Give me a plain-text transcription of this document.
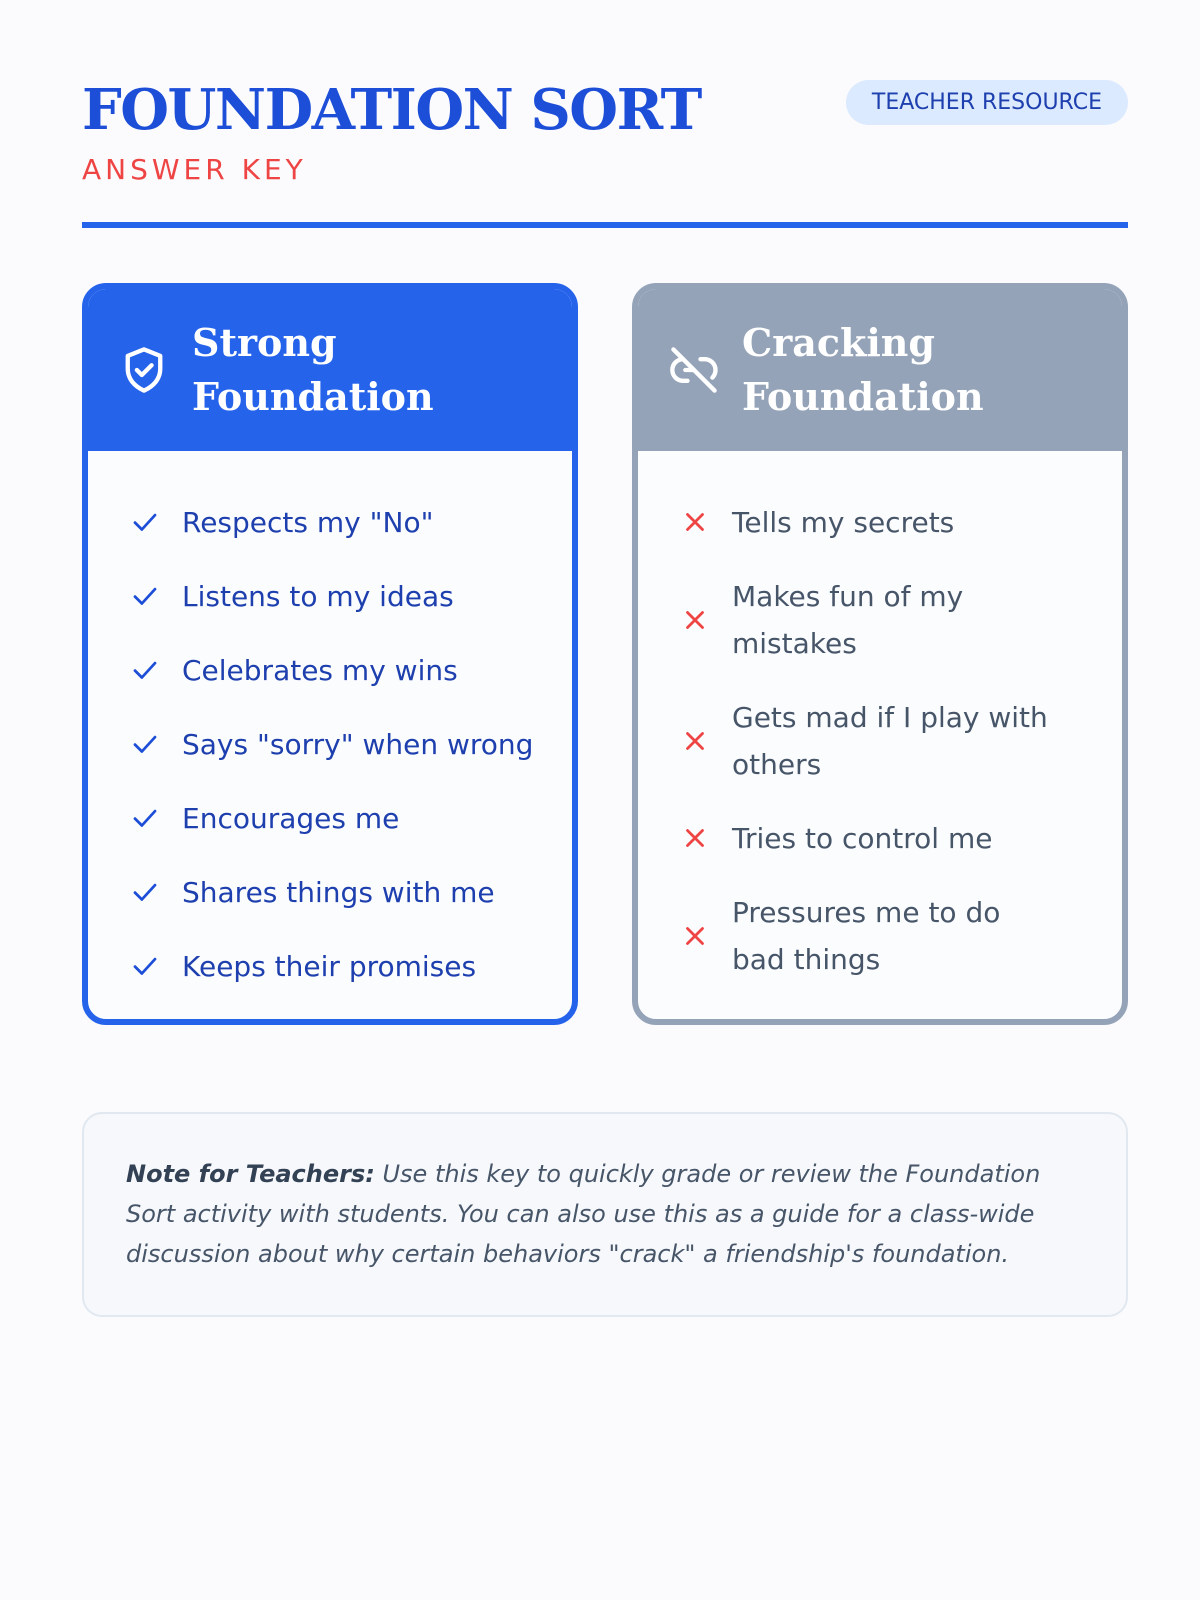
FOUNDATION SORT
ANSWER KEY
TEACHER RESOURCE
Strong
Foundation
Respects my "No"
Listens to my ideas
Celebrates my wins
Says "sorry" when wrong
Encourages me
Shares things with me
Keeps their promises
Cracking
Foundation
Tells my secrets
Makes fun of my mistakes
Gets mad if I play with others
Tries to control me
Pressures me to do bad things
Note for Teachers: Use this key to quickly grade or review the Foundation Sort activity with students. You can also use this as a guide for a class-wide discussion about why certain behaviors "crack" a friendship's foundation.
